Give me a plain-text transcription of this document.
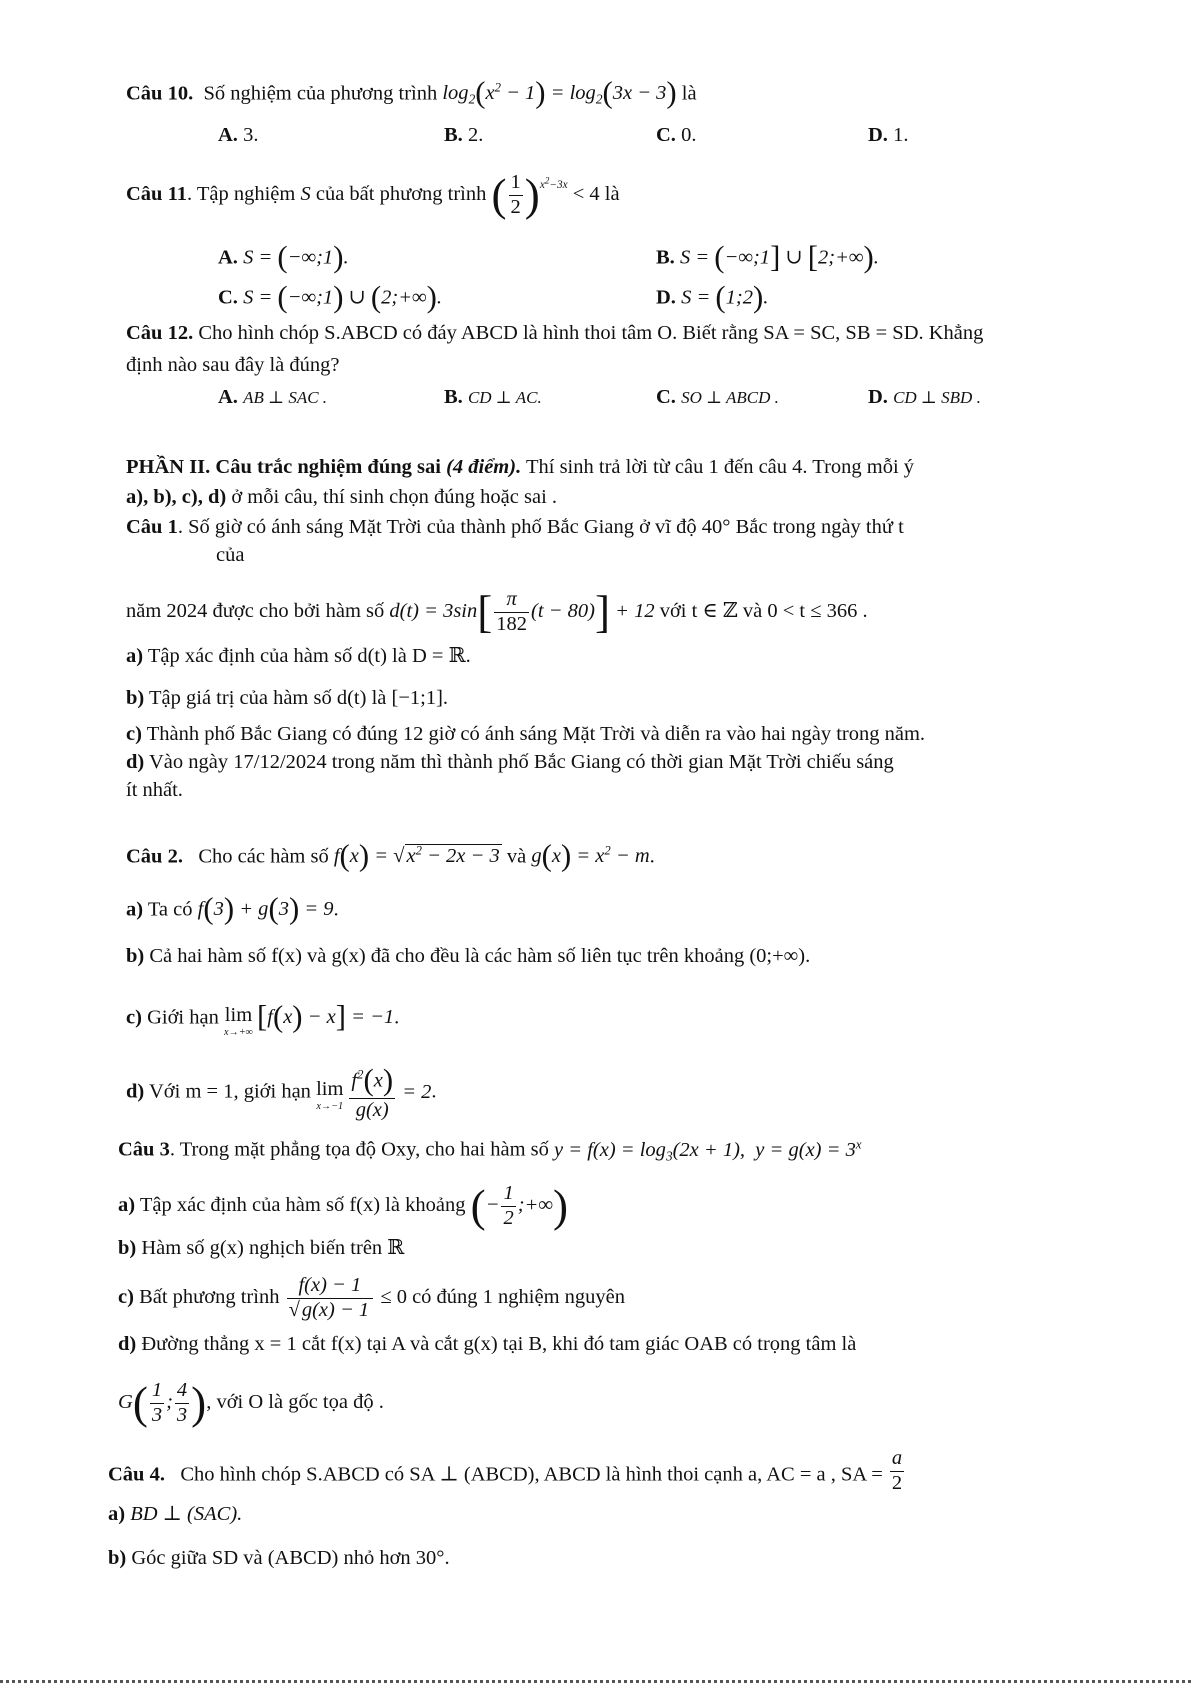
Câu 10. Số nghiệm của phương trình $\log_2(x^2 - 1) = \log_2(3x - 3)$ là
A. 3.	B. 2.	C. 0.	D. 1.
Câu 11. Tập nghiệm S của bất phương trình ( $\frac{1}{2} )^{x^2-3x} < 4$ là
A. S = (−∞;1).	B. S = (−∞;1] ∪ [2;+∞).
C. S = (−∞;1) ∪ (2;+∞).	D. S = (1;2).
Câu 12. Cho hình chóp S.ABCD có đáy ABCD là hình thoi tâm O. Biết rằng SA = SC, SB = SD. Khẳng
định nào sau đây là đúng?
A. AB ⊥ SAC .	B. CD ⊥ AC.	C. SO ⊥ ABCD .	D. CD ⊥ SBD .
PHẦN II. Câu trắc nghiệm đúng sai (4 điểm). Thí sinh trả lời từ câu 1 đến câu 4. Trong mỗi ý
a), b), c), d) ở mỗi câu, thí sinh chọn đúng hoặc sai .
Câu 1. Số giờ có ánh sáng Mặt Trời của thành phố Bắc Giang ở vĩ độ 40° Bắc trong ngày thứ t
của
năm 2024 được cho bởi hàm số $d(t) = 3\sin[ \frac{\pi}{182} (t - 80)] + 12$ với t ∈ ℤ và 0 < t ≤ 366 .
a) Tập xác định của hàm số d(t) là D = ℝ.
b) Tập giá trị của hàm số d(t) là [−1;1].
c) Thành phố Bắc Giang có đúng 12 giờ có ánh sáng Mặt Trời và diễn ra vào hai ngày trong năm.
d) Vào ngày 17/12/2024 trong năm thì thành phố Bắc Giang có thời gian Mặt Trời chiếu sáng
ít nhất.
Câu 2. Cho các hàm số $f(x) = √x^2 - 2x - 3$ và $g(x) = x^2 - m$.
a) Ta có f(3) + g(3) = 9.
b) Cả hai hàm số f(x) và g(x) đã cho đều là các hàm số liên tục trên khoảng (0;+∞).
c) Giới hạn lim
x→+∞ [f(x) − x] = −1.
d) Với m = 1, giới hạn lim
$x\to-1 \frac{f^2(x)}{g(x)} = 2$.
Câu 3. Trong mặt phẳng tọa độ Oxy, cho hai hàm số $y = f(x) = \log_3(2x + 1)$,  $y = g(x) = 3^x$
a) Tập xác định của hàm số f(x) là khoảng (− $\frac{1}{2}$ ;+∞)
b) Hàm số g(x) nghịch biến trên ℝ
c) Bất phương trình $\frac{f(x) - 1}{√g(x) - 1} \le 0$ có đúng 1 nghiệm nguyên
d) Đường thẳng x = 1 cắt f(x) tại A và cắt g(x) tại B, khi đó tam giác OAB có trọng tâm là
$G( \frac{1}{3}$ ; $\frac{4}{3}$ ), với O là gốc tọa độ .
Câu 4. Cho hình chóp S.ABCD có SA ⊥ (ABCD), ABCD là hình thoi cạnh a, AC = a , SA = $\frac{a}{2}$
a) BD ⊥ (SAC).
b) Góc giữa SD và (ABCD) nhỏ hơn 30°.
